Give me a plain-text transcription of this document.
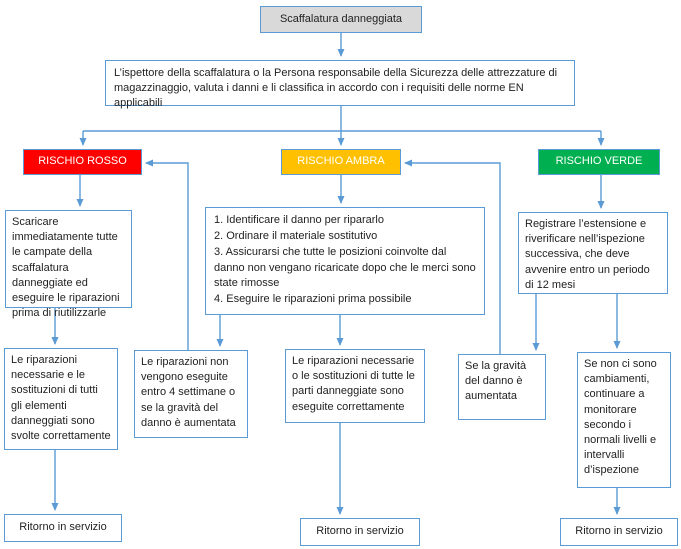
Scaffalatura danneggiata
L’ispettore della scaffalatura o la Persona responsabile della Sicurezza delle attrezzature di magazzinaggio, valuta i danni e li classifica in accordo con i requisiti delle norme EN applicabili
RISCHIO ROSSO	RISCHIO AMBRA	RISCHIO VERDE
Scaricare immediatamente tutte le campate della scaffalatura danneggiate ed eseguire le riparazioni prima di riutilizzarle
1. Identificare il danno per ripararlo
2. Ordinare il materiale sostitutivo
3. Assicurarsi che tutte le posizioni coinvolte dal danno non vengano ricaricate dopo che le merci sono state rimosse
4. Eseguire le riparazioni prima possibile
Registrare l’estensione e riverificare nell’ispezione successiva, che deve avvenire entro un periodo di 12 mesi
Le riparazioni necessarie e le sostituzioni di tutti gli elementi danneggiati sono svolte correttamente
Le riparazioni non vengono eseguite entro 4 settimane o se la gravità del danno è aumentata
Le riparazioni necessarie o le sostituzioni di tutte le parti danneggiate sono eseguite correttamente
Se la gravità del danno è aumentata
Se non ci sono cambiamenti, continuare a monitorare secondo i normali livelli e intervalli d’ispezione
Ritorno in servizio	Ritorno in servizio	Ritorno in servizio
